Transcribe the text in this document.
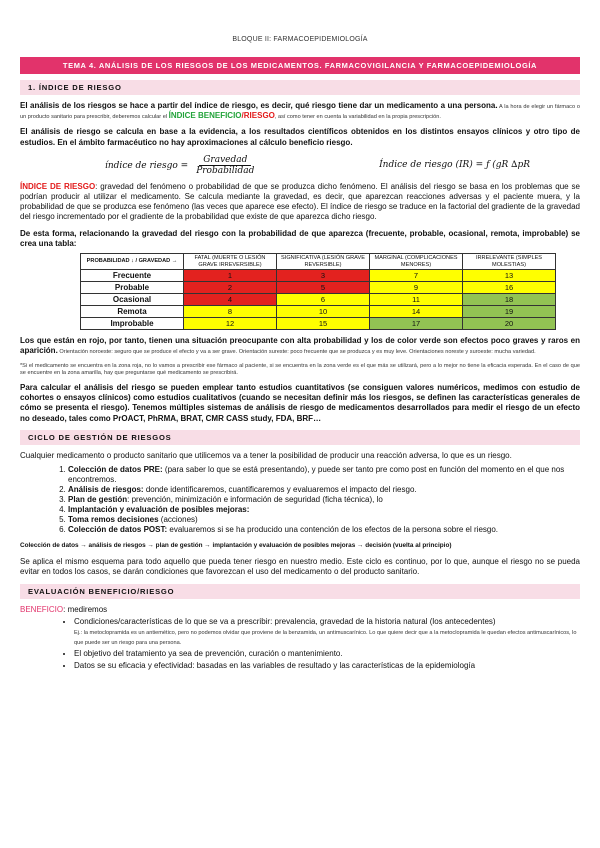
BLOQUE II: FARMACOEPIDEMIOLOGÍA
TEMA 4. ANÁLISIS DE LOS RIESGOS DE LOS MEDICAMENTOS. FARMACOVIGILANCIA Y FARMACOEPIDEMIOLOGÍA
1. ÍNDICE DE RIESGO

El análisis de los riesgos se hace a partir del índice de riesgo, es decir, qué riesgo tiene dar un medicamento a una persona. A la hora de elegir un fármaco o un producto sanitario para prescribir, deberemos calcular el ÍNDICE BENEFICIO/RIESGO, así como tener en cuenta la variabilidad en la propia prescripción.

El análisis de riesgo se calcula en base a la evidencia, a los resultados científicos obtenidos en los distintos ensayos clínicos y otro tipo de estudios. En el ámbito farmacéutico no hay aproximaciones al cálculo beneficio riesgo.

índice de riesgo = $\frac{\text{Gravedad}}{\text{Probabilidad}}$	Índice de riesgo (IR) = ƒ (gR ∆pR

ÍNDICE DE RIESGO: gravedad del fenómeno o probabilidad de que se produzca dicho fenómeno. El análisis del riesgo se basa en los problemas que se podrían producir al utilizar el medicamento. Se calcula mediante la gravedad, es decir, que aparezcan reacciones adversas y el paciente muera, y la probabilidad de que se produzca ese fenómeno (las veces que aparece ese efecto). El índice de riesgo se traduce en la factorial del gradiente de la gravedad del riesgo incrementado por el gradiente de la probabilidad que existe de que aparezca dicho riesgo.

De esta forma, relacionando la gravedad del riesgo con la probabilidad de que aparezca (frecuente, probable, ocasional, remota, improbable) se crea una tabla:

PROBABILIDAD ↓ / GRAVEDAD →	FATAL (MUERTE O LESIÓN GRAVE IRREVERSIBLE)	SIGNIFICATIVA (LESIÓN GRAVE REVERSIBLE)	MARGINAL (COMPLICACIONES MENORES)	IRRELEVANTE (SIMPLES MOLESTIAS)
Frecuente	1	3	7	13
Probable	2	5	9	16
Ocasional	4	6	11	18
Remota	8	10	14	19
Improbable	12	15	17	20

Los que están en rojo, por tanto, tienen una situación preocupante con alta probabilidad y los de color verde son efectos poco graves y raros en aparición. Orientación noroeste: seguro que se produce el efecto y va a ser grave. Orientación sureste: poco frecuente que se produzca y es muy leve. Orientaciones noreste y suroeste: mucha variedad.

*Si el medicamento se encuentra en la zona roja, no lo vamos a prescribir ese fármaco al paciente, si se encuentra en la zona verde es el que más se utilizará, pero a lo mejor no tiene la eficacia esperada. En el caso de que se encuentre en la zona amarilla, hay que preguntarse qué medicamento se prescribirá.

Para calcular el análisis del riesgo se pueden emplear tanto estudios cuantitativos (se consiguen valores numéricos, medimos con estudio de cohortes o ensayos clínicos) como estudios cualitativos (cuando se necesitan definir más los riesgos, se definen las características generales de cómo se presenta el riesgo). Tenemos múltiples sistemas de análisis de riesgo de medicamentos desarrollados para medir el riesgo de un efecto no deseado, tales como PrOACT, PhRMA, BRAT, CMR CASS study, FDA, BRF…

CICLO DE GESTIÓN DE RIESGOS

Cualquier medicamento o producto sanitario que utilicemos va a tener la posibilidad de producir una reacción adversa, lo que es un riesgo.

1. Colección de datos PRE: (para saber lo que se está presentando), y puede ser tanto pre como post en función del momento en el que nos encontremos.
2. Análisis de riesgos: donde identificaremos, cuantificaremos y evaluaremos el impacto del riesgo.
3. Plan de gestión: prevención, minimización e información de seguridad (ficha técnica), lo
4. Implantación y evaluación de posibles mejoras:
5. Toma remos decisiones (acciones)
6. Colección de datos POST: evaluaremos si se ha producido una contención de los efectos de la persona sobre el riesgo.

Colección de datos → análisis de riesgos → plan de gestión → implantación y evaluación de posibles mejoras → decisión (vuelta al principio)

Se aplica el mismo esquema para todo aquello que pueda tener riesgo en nuestro medio. Este ciclo es continuo, por lo que, aunque el riesgo no se pueda evitar en todos los casos, se darán condiciones que favorezcan el uso del medicamento o del producto sanitario.

EVALUACIÓN BENEFICIO/RIESGO

BENEFICIO: mediremos

• Condiciones/características de lo que se va a prescribir: prevalencia, gravedad de la historia natural (los antecedentes)
Ej.: la metoclopramida es un antiemético, pero no podemos olvidar que proviene de la benzamida, un antimuscarínico. Lo que quiere decir que a la metoclopramida le quedan efectos antimuscarínicos, lo que puede ser un riesgo para una persona.
• El objetivo del tratamiento ya sea de prevención, curación o mantenimiento.
• Datos se su eficacia y efectividad: basadas en las variables de resultado y las características de la epidemiología
